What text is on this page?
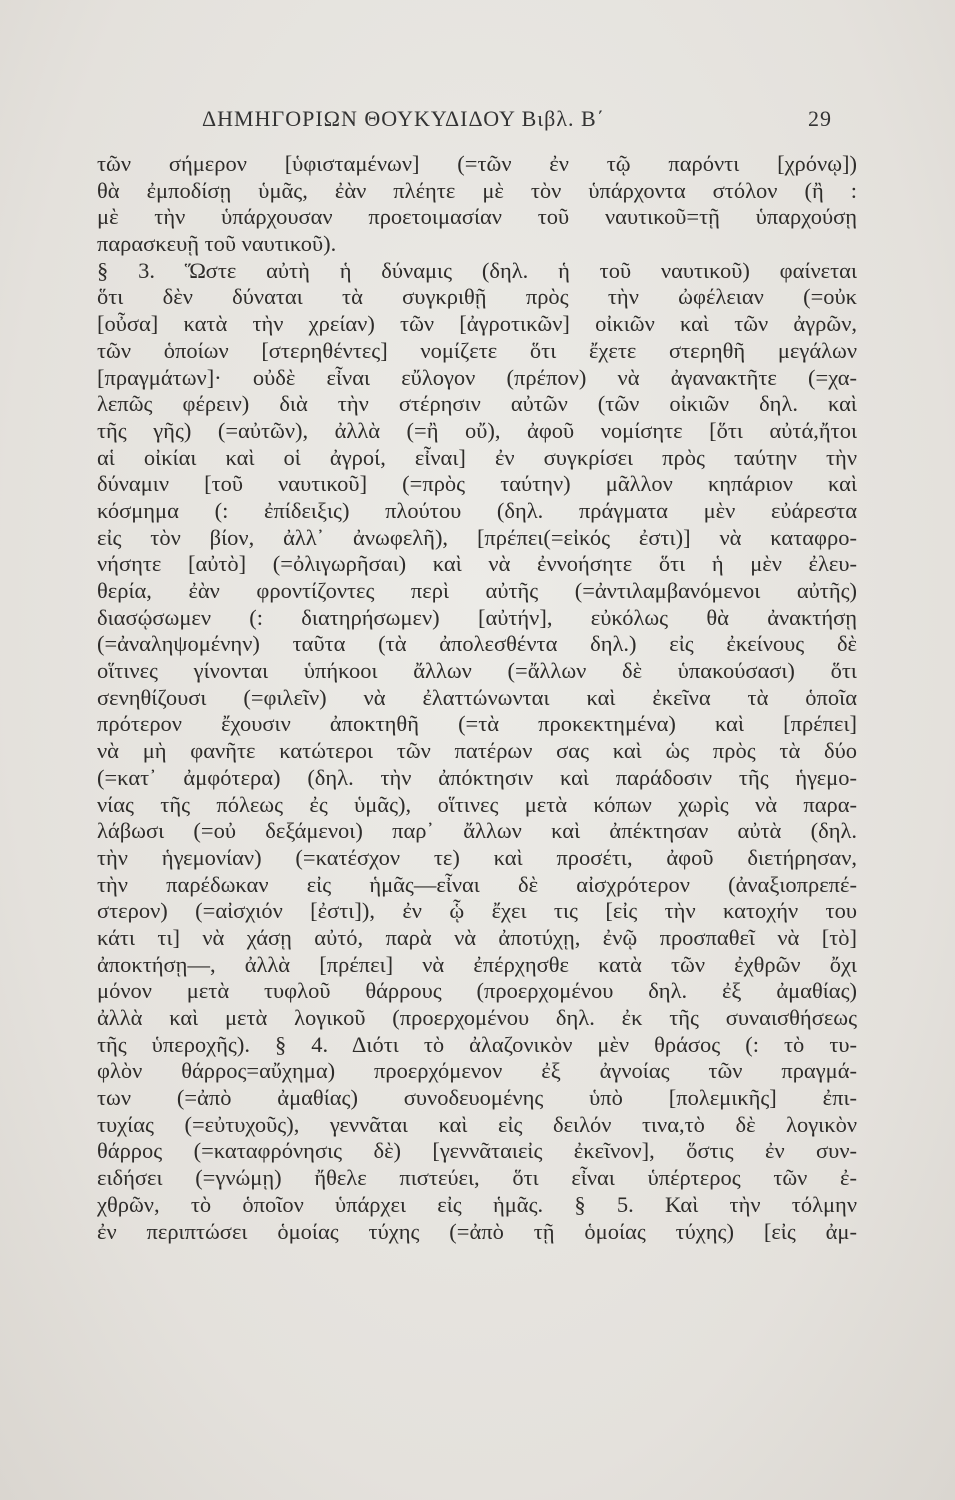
ΔΗΜΗΓΟΡΙΩΝ ΘΟΥΚΥΔΙΔΟΥ Βιβλ. Β΄	29
τῶν σήμερον [ὑφισταμένων] (=τῶν ἐν τῷ παρόντι [χρόνῳ])
θὰ ἐμποδίσῃ ὑμᾶς, ἐὰν πλέητε μὲ τὸν ὑπάρχοντα στόλον (ἢ :
μὲ τὴν ὑπάρχουσαν προετοιμασίαν τοῦ ναυτικοῦ=τῇ ὑπαρχούσῃ
παρασκευῇ τοῦ ναυτικοῦ).
§ 3. Ὥστε αὐτὴ ἡ δύναμις (δηλ. ἡ τοῦ ναυτικοῦ) φαίνεται
ὅτι δὲν δύναται τὰ συγκριθῇ πρὸς τὴν ὠφέλειαν (=οὐκ
[οὖσα] κατὰ τὴν χρείαν) τῶν [ἀγροτικῶν] οἰκιῶν καὶ τῶν ἀγρῶν,
τῶν ὁποίων [στερηθέντες] νομίζετε ὅτι ἔχετε στερηθῆ μεγάλων
[πραγμάτων]· οὐδὲ εἶναι εὔλογον (πρέπον) νὰ ἀγανακτῆτε (=χα-
λεπῶς φέρειν) διὰ τὴν στέρησιν αὐτῶν (τῶν οἰκιῶν δηλ. καὶ
τῆς γῆς) (=αὐτῶν), ἀλλὰ (=ἢ οὔ), ἀφοῦ νομίσητε [ὅτι αὐτά,ἤτοι
αἱ οἰκίαι καὶ οἱ ἀγροί, εἶναι] ἐν συγκρίσει πρὸς ταύτην τὴν
δύναμιν [τοῦ ναυτικοῦ] (=πρὸς ταύτην) μᾶλλον κηπάριον καὶ
κόσμημα (: ἐπίδειξις) πλούτου (δηλ. πράγματα μὲν εὐάρεστα
εἰς τὸν βίον, ἀλλ᾽ ἀνωφελῆ), [πρέπει(=εἰκός ἐστι)] νὰ καταφρο-
νήσητε [αὐτὸ] (=ὀλιγωρῆσαι) καὶ νὰ ἐννοήσητε ὅτι ἡ μὲν ἐλευ-
θερία, ἐὰν φροντίζοντες περὶ αὐτῆς (=ἀντιλαμβανόμενοι αὐτῆς)
διασῴσωμεν (: διατηρήσωμεν) [αὐτήν], εὐκόλως θὰ ἀνακτήσῃ
(=ἀναληψομένην) ταῦτα (τὰ ἀπολεσθέντα δηλ.) εἰς ἐκείνους δὲ
οἵτινες γίνονται ὑπήκοοι ἄλλων (=ἄλλων δὲ ὑπακούσασι) ὅτι
σενηθίζουσι (=φιλεῖν) νὰ ἐλαττώνωνται καὶ ἐκεῖνα τὰ ὁποῖα
πρότερον ἔχουσιν ἀποκτηθῆ (=τὰ προκεκτημένα) καὶ [πρέπει]
νὰ μὴ φανῆτε κατώτεροι τῶν πατέρων σας καὶ ὡς πρὸς τὰ δύο
(=κατ᾽ ἀμφότερα) (δηλ. τὴν ἀπόκτησιν καὶ παράδοσιν τῆς ἡγεμο-
νίας τῆς πόλεως ἐς ὑμᾶς), οἵτινες μετὰ κόπων χωρὶς νὰ παρα-
λάβωσι (=οὐ δεξάμενοι) παρ᾽ ἄλλων καὶ ἀπέκτησαν αὐτὰ (δηλ.
τὴν ἡγεμονίαν) (=κατέσχον τε) καὶ προσέτι, ἀφοῦ διετήρησαν,
τὴν παρέδωκαν εἰς ἡμᾶς—εἶναι δὲ αἰσχρότερον (ἀναξιοπρεπέ-
στερον) (=αἰσχιόν [ἐστι]), ἐν ᾧ ἔχει τις [εἰς τὴν κατοχήν του
κάτι τι] νὰ χάσῃ αὐτό, παρὰ νὰ ἀποτύχῃ, ἐνῷ προσπαθεῖ νὰ [τὸ]
ἀποκτήσῃ—, ἀλλὰ [πρέπει] νὰ ἐπέρχησθε κατὰ τῶν ἐχθρῶν ὄχι
μόνον μετὰ τυφλοῦ θάρρους (προερχομένου δηλ. ἐξ ἀμαθίας)
ἀλλὰ καὶ μετὰ λογικοῦ (προερχομένου δηλ. ἐκ τῆς συναισθήσεως
τῆς ὑπεροχῆς). § 4. Διότι τὸ ἀλαζονικὸν μὲν θράσος (: τὸ τυ-
φλὸν θάρρος=αὔχημα) προερχόμενον ἐξ ἀγνοίας τῶν πραγμά-
των (=ἀπὸ ἀμαθίας) συνοδευομένης ὑπὸ [πολεμικῆς] ἐπι-
τυχίας (=εὐτυχοῦς), γεννᾶται καὶ εἰς δειλόν τινα,τὸ δὲ λογικὸν
θάρρος (=καταφρόνησις δὲ) [γεννᾶταιεἰς ἐκεῖνον], ὅστις ἐν συν-
ειδήσει (=γνώμῃ) ἤθελε πιστεύει, ὅτι εἶναι ὑπέρτερος τῶν ἐ-
χθρῶν, τὸ ὁποῖον ὑπάρχει εἰς ἡμᾶς. § 5. Καὶ τὴν τόλμην
ἐν περιπτώσει ὁμοίας τύχης (=ἀπὸ τῇ ὁμοίας τύχης) [εἰς ἀμ-
